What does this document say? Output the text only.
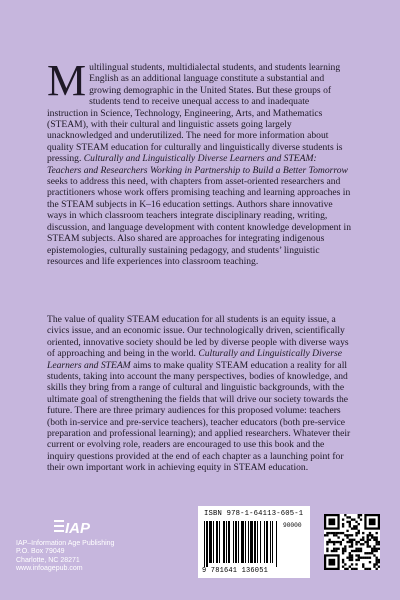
Multilingual students, multidialectal students, and students learning English as an additional language constitute a substantial and growing demographic in the United States. But these groups of students tend to receive unequal access to and inadequate instruction in Science, Technology, Engineering, Arts, and Mathematics (STEAM), with their cultural and linguistic assets going largely unacknowledged and underutilized. The need for more information about quality STEAM education for culturally and linguistically diverse students is pressing. Culturally and Linguistically Diverse Learners and STEAM: Teachers and Researchers Working in Partnership to Build a Better Tomorrow seeks to address this need, with chapters from asset-oriented researchers and practitioners whose work offers promising teaching and learning approaches in the STEAM subjects in K–16 education settings. Authors share innovative ways in which classroom teachers integrate disciplinary reading, writing, discussion, and language development with content knowledge development in STEAM subjects. Also shared are approaches for integrating indigenous epistemologies, culturally sustaining pedagogy, and students’ linguistic resources and life experiences into classroom teaching.

The value of quality STEAM education for all students is an equity issue, a civics issue, and an economic issue. Our technologically driven, scientifically oriented, innovative society should be led by diverse people with diverse ways of approaching and being in the world. Culturally and Linguistically Diverse Learners and STEAM aims to make quality STEAM education a reality for all students, taking into account the many perspectives, bodies of knowledge, and skills they bring from a range of cultural and linguistic backgrounds, with the ultimate goal of strengthening the fields that will drive our society towards the future. There are three primary audiences for this proposed volume: teachers (both in-service and pre-service teachers), teacher educators (both pre-service preparation and professional learning); and applied researchers. Whatever their current or evolving role, readers are encouraged to use this book and the inquiry questions provided at the end of each chapter as a launching point for their own important work in achieving equity in STEAM education.

IAP
IAP–Information Age Publishing
P.O. Box 79049
Charlotte, NC 28271
www.infoagepub.com
ISBN 978-1-64113-605-1
90000
9 781641 136051
